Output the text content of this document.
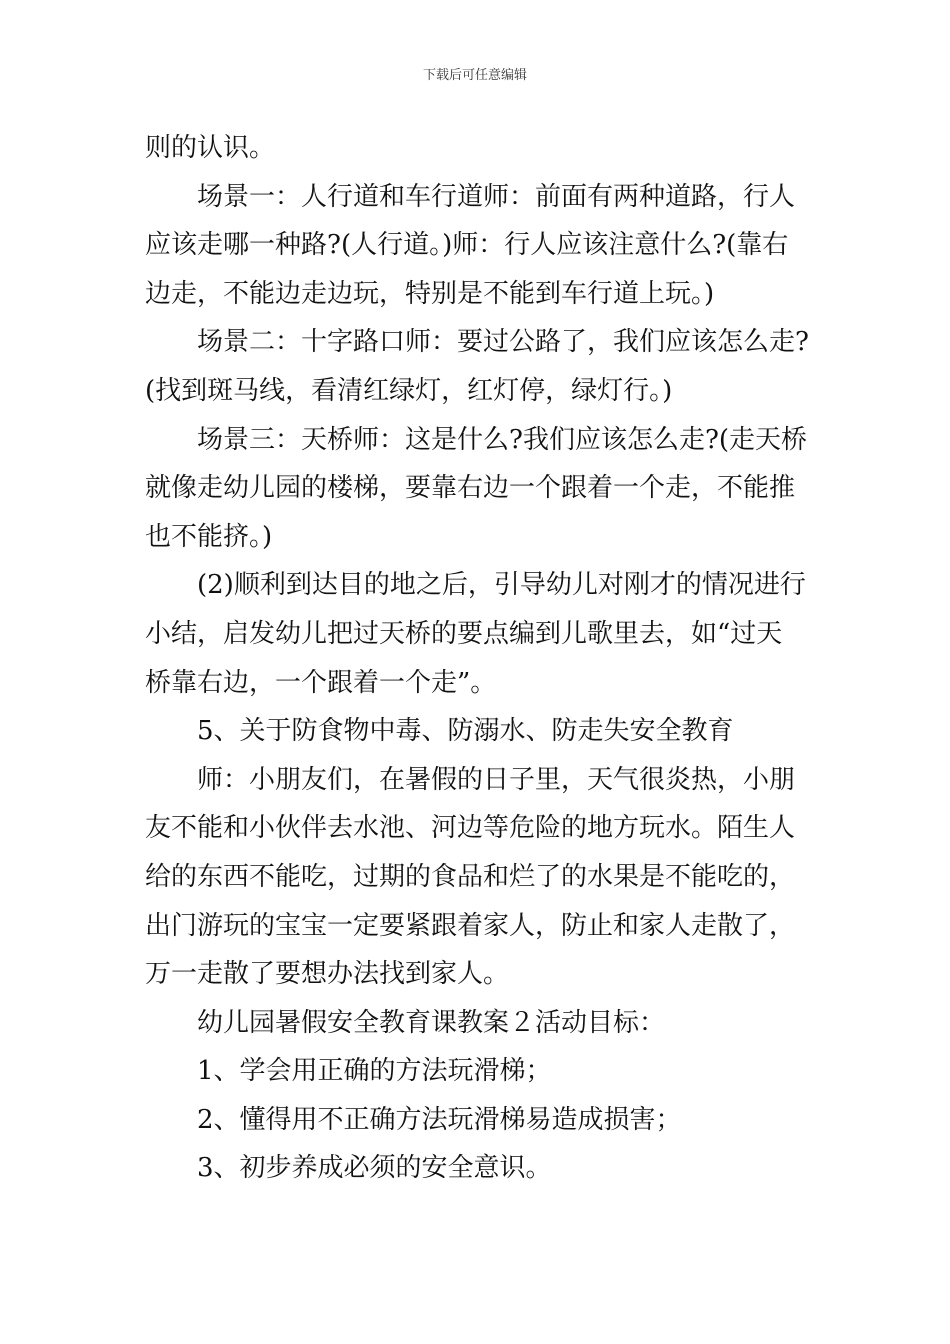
下载后可任意编辑
则的认识。
场景一：人行道和车行道师：前面有两种道路，行人
应该走哪一种路?(人行道。)师：行人应该注意什么?(靠右
边走，不能边走边玩，特别是不能到车行道上玩。)
场景二：十字路口师：要过公路了，我们应该怎么走?
(找到斑马线，看清红绿灯，红灯停，绿灯行。)
场景三：天桥师：这是什么?我们应该怎么走?(走天桥
就像走幼儿园的楼梯，要靠右边一个跟着一个走，不能推
也不能挤。)
(2)顺利到达目的地之后，引导幼儿对刚才的情况进行
小结，启发幼儿把过天桥的要点编到儿歌里去，如“过天
桥靠右边，一个跟着一个走”。
5、关于防食物中毒、防溺水、防走失安全教育
师：小朋友们，在暑假的日子里，天气很炎热，小朋
友不能和小伙伴去水池、河边等危险的地方玩水。陌生人
给的东西不能吃，过期的食品和烂了的水果是不能吃的，
出门游玩的宝宝一定要紧跟着家人，防止和家人走散了，
万一走散了要想办法找到家人。
幼儿园暑假安全教育课教案２活动目标：
1、学会用正确的方法玩滑梯；
2、懂得用不正确方法玩滑梯易造成损害；
3、初步养成必须的安全意识。
